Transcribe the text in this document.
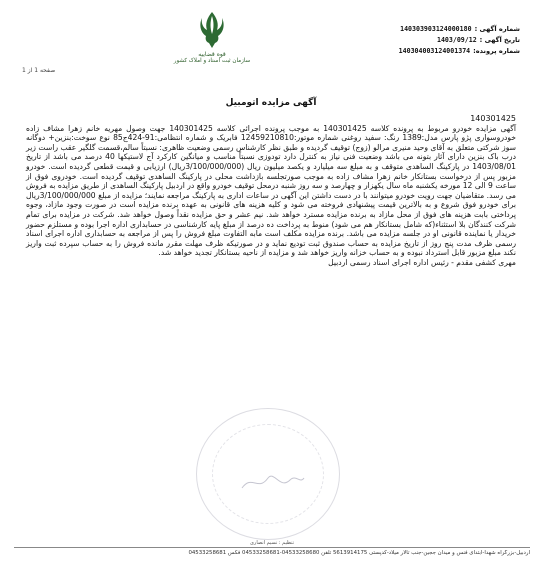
شماره آگهی :
140303903124000180
تاریخ آگهی :
1403/09/12
شماره پرونده:
140304003124001374
قوه قضاییه
سازمان ثبت اسناد و املاک کشور
صفحه 1 از 1
آگهی مزایده اتومبیل

140301425

آگهی مزایده خودرو مربوط به پرونده کلاسه 140301425 به موجب پرونده اجرائی کلاسه 140301425 جهت وصول مهریه خانم زهرا مشاف زاده خودروسواری پژو پارس مدل:1389 رنگ: سفید روغنی شماره موتور:12459210810 فابریک و شماره انتظامی:91-424ج85 نوع سوخت:بنزین+ دوگانه سوز شرکتی متعلق به آقای وحید منیری مرالو (زوج) توقیف گردیده و طبق نظر کارشناس رسمی وضعیت ظاهری: نسبتاً سالم،قسمت گلگیر عقب راست زیر درب باک بنزین دارای آثار بتونه می باشد وضعیت فنی نیاز به کنترل دارد تودوزی نسبتاً مناسب و میانگین کارکرد آج لاستیکها 40 درصد می باشد از تاریخ 1403/08/01 در پارکینگ الساهدی متوقف و به مبلغ سه میلیارد و یکصد میلیون ریال (3/100/000/000ریال) ارزیابی و قیمت قطعی گردیده است. خودرو مزبور پس از درخواست بستانکار خانم زهرا مشاف زاده به موجب صورتجلسه بازداشت محلی در پارکینگ الساهدی توقیف گردیده است. خودروی فوق از ساعت 9 الی 12 مورخه یکشنبه ماه سال یکهزار و چهارصد و سه روز شنبه درمحل توقیف خودرو واقع در اردبیل پارکینگ الساهدی از طریق مزایده به فروش می رسد. متقاضیان جهت رویت خودرو میتوانند با در دست داشتن این آگهی در ساعات اداری به پارکینگ مراجعه نمایند؛ مزایده از مبلغ 3/100/000/000ریال برای خودرو فوق شروع و به بالاترین قیمت پیشنهادی فروخته می شود و کلیه هزینه های قانونی به عهده برنده مزایده است در صورت وجود مازاد، وجوه پرداختی بابت هزینه های فوق از محل مازاد به برنده مزایده مسترد خواهد شد. نیم عشر و حق مزایده نقداً وصول خواهد شد. شرکت در مزایده برای تمام شرکت کنندگان بلا استثناء(که شامل بستانکار هم می شود) منوط به پرداخت ده درصد از مبلغ پایه کارشناسی در حسابداری اداره اجرا بوده و مستلزم حضور خریدار یا نماینده قانونی او در جلسه مزایده می باشد. برنده مزایده مکلف است مابه التفاوت مبلغ فروش را پس از مراجعه به حسابداری اداره اجرای اسناد رسمی ظرف مدت پنج روز از تاریخ مزایده به حساب صندوق ثبت تودیع نماید و در صورتیکه ظرف مهلت مقرر مانده فروش را به حساب سپرده ثبت واریز نکند مبلغ مزبور قابل استرداد نبوده و به حساب خزانه واریز خواهد شد و مزایده از ناحیه بستانکار تجدید خواهد شد.

مهری کشفی مقدم - رئیس اداره اجرای اسناد رسمی اردبیل

تنظیم : نسیم انصاری
اردبیل-بزرگراه شهدا-ابتدای فنس و میدان ججین-جنب تالار میلاد-کدپستی 5613914175 تلفن 04533258680-04533258681 فکس 04533258681
